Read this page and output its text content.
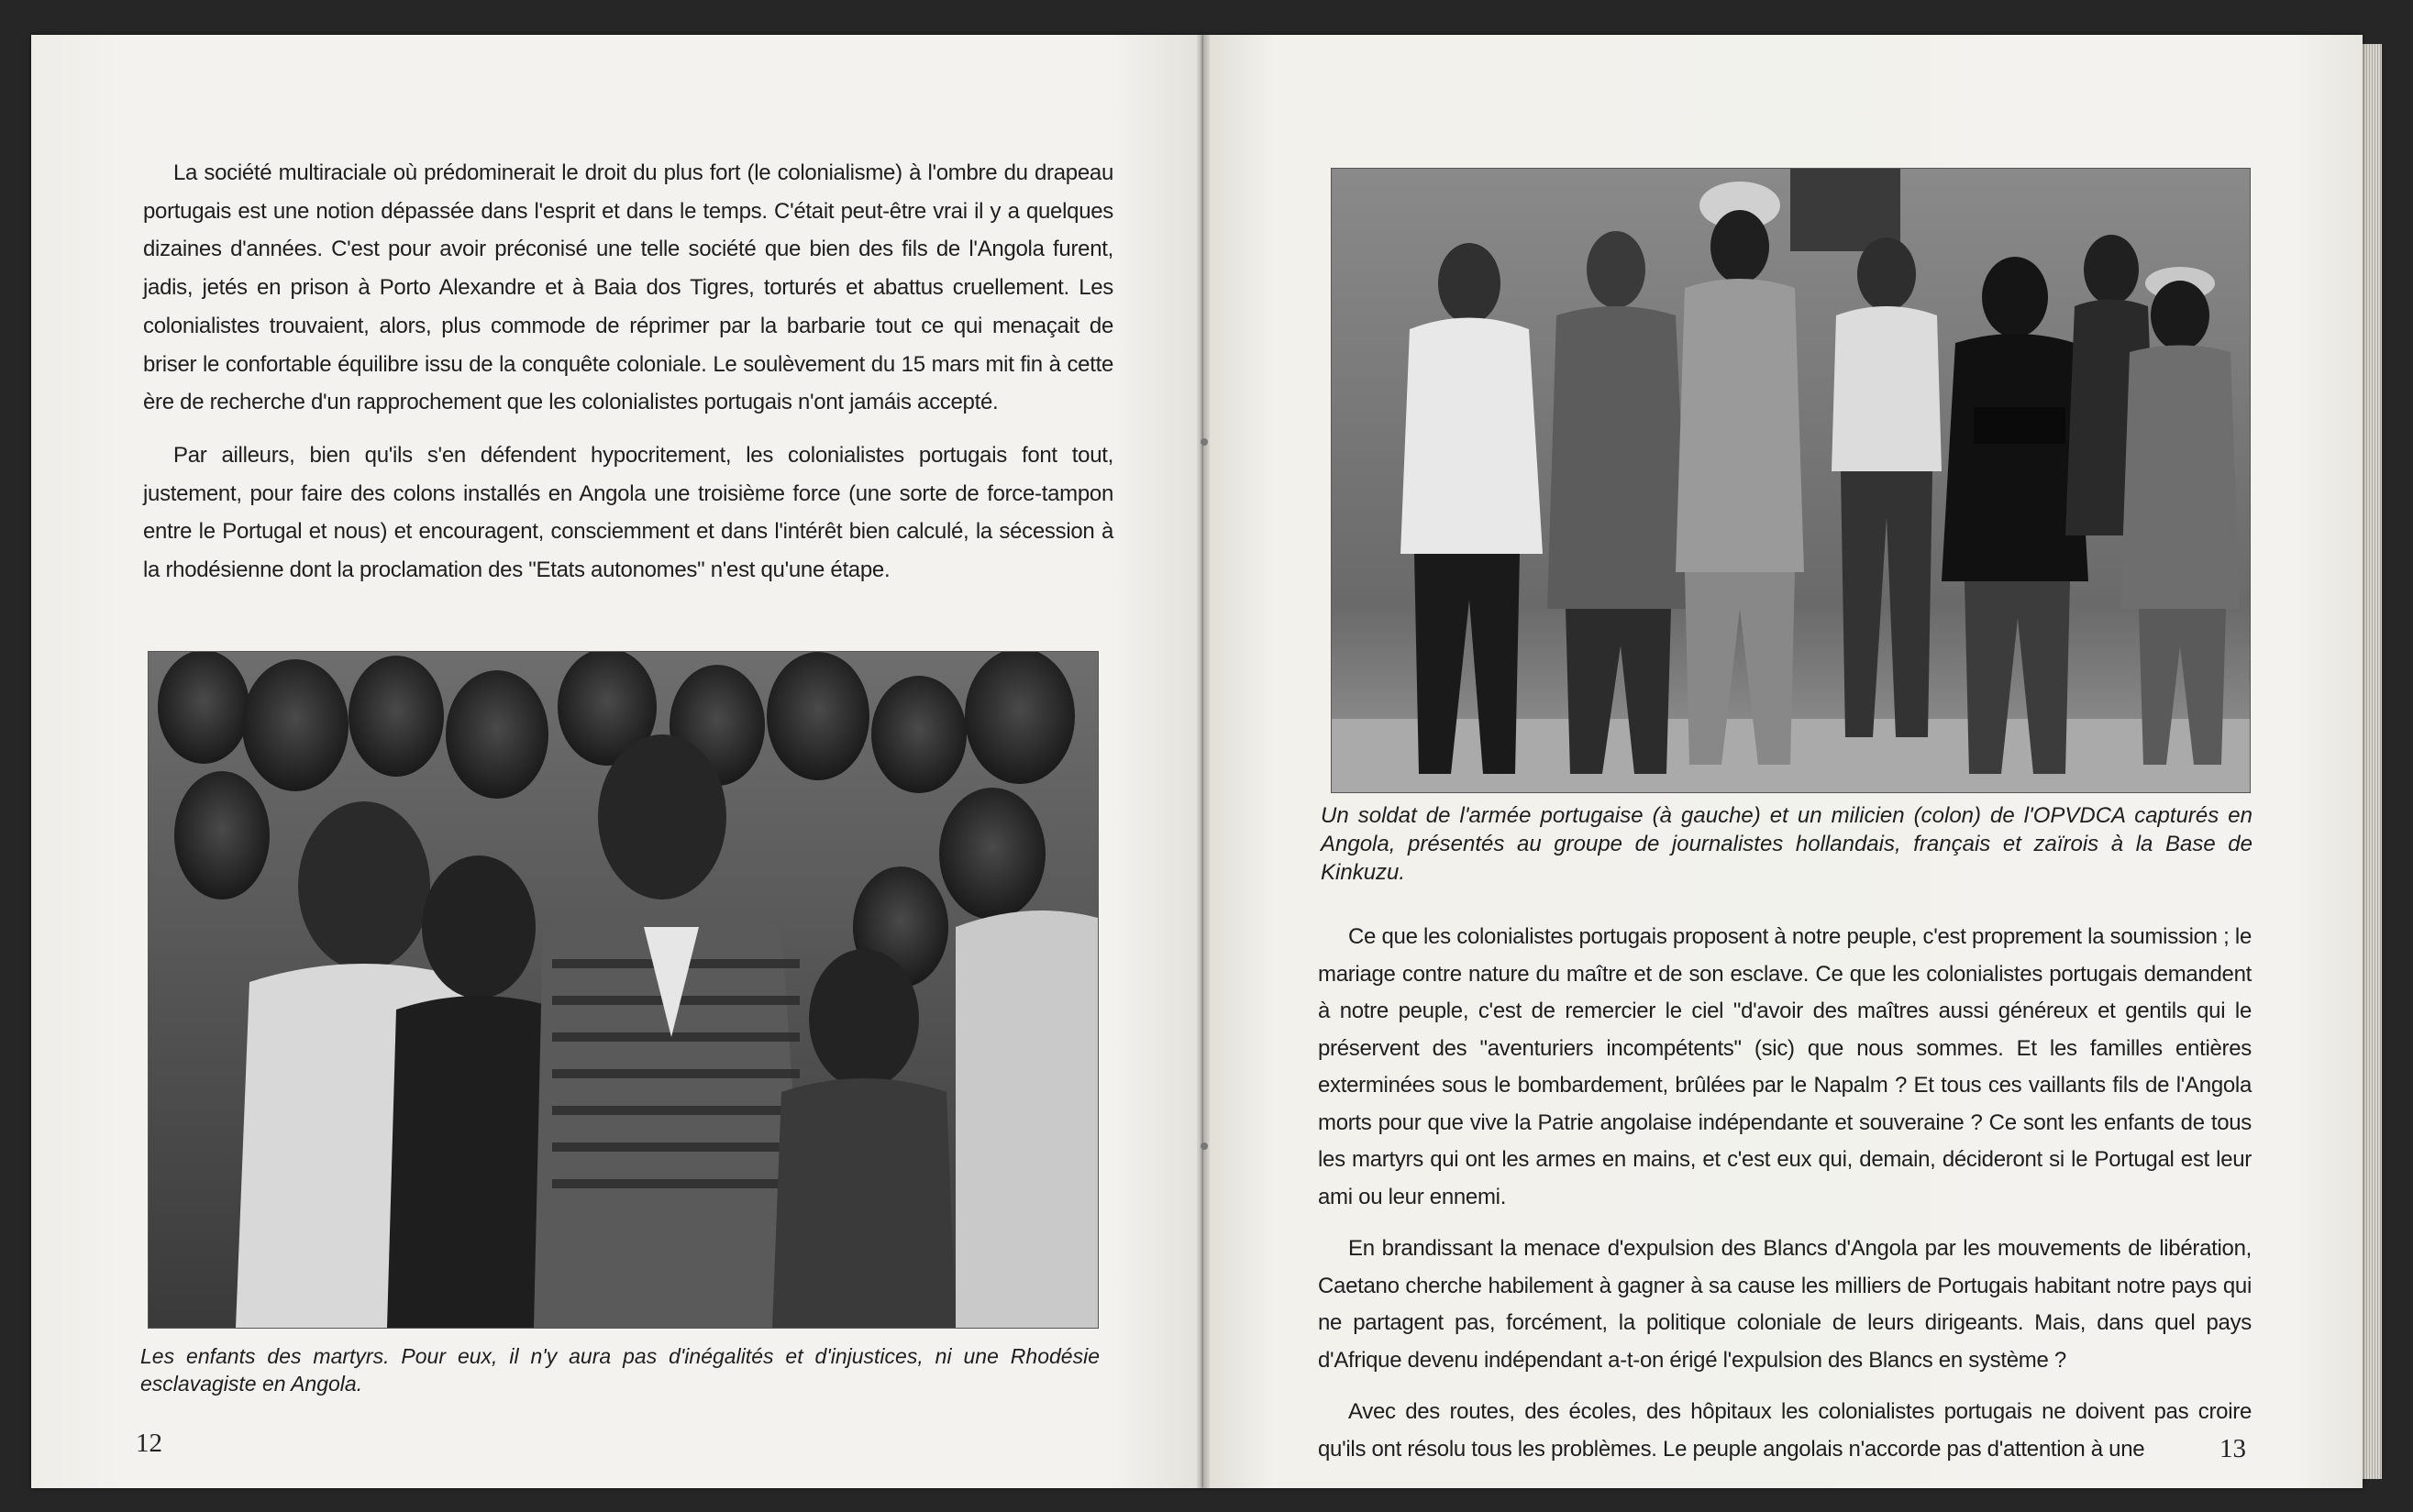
La société multiraciale où prédominerait le droit du plus fort (le colonialisme) à l'ombre du drapeau portugais est une notion dépassée dans l'esprit et dans le temps. C'était peut-être vrai il y a quelques dizaines d'années. C'est pour avoir préconisé une telle société que bien des fils de l'Angola furent, jadis, jetés en prison à Porto Alexandre et à Baia dos Tigres, torturés et abattus cruellement. Les colonialistes trouvaient, alors, plus commode de réprimer par la barbarie tout ce qui menaçait de briser le confortable équilibre issu de la conquête coloniale. Le soulèvement du 15 mars mit fin à cette ère de recherche d'un rapprochement que les colonialistes portugais n'ont jamáis accepté.

Par ailleurs, bien qu'ils s'en défendent hypocritement, les colonialistes portugais font tout, justement, pour faire des colons installés en Angola une troisième force (une sorte de force-tampon entre le Portugal et nous) et encouragent, consciemment et dans l'intérêt bien calculé, la sécession à la rhodésienne dont la proclamation des "Etats autonomes" n'est qu'une étape.

Les enfants des martyrs. Pour eux, il n'y aura pas d'inégalités et d'injustices, ni une Rhodésie esclavagiste en Angola.
12
Un soldat de l'armée portugaise (à gauche) et un milicien (colon) de l'OPVDCA capturés en Angola, présentés au groupe de journalistes hollandais, français et zaïrois à la Base de Kinkuzu.

Ce que les colonialistes portugais proposent à notre peuple, c'est proprement la soumission ; le mariage contre nature du maître et de son esclave. Ce que les colonialistes portugais demandent à notre peuple, c'est de remercier le ciel "d'avoir des maîtres aussi généreux et gentils qui le préservent des "aventuriers incompétents" (sic) que nous sommes. Et les familles entières exterminées sous le bombardement, brûlées par le Napalm ? Et tous ces vaillants fils de l'Angola morts pour que vive la Patrie angolaise indépendante et souveraine ? Ce sont les enfants de tous les martyrs qui ont les armes en mains, et c'est eux qui, demain, décideront si le Portugal est leur ami ou leur ennemi.

En brandissant la menace d'expulsion des Blancs d'Angola par les mouvements de libération, Caetano cherche habilement à gagner à sa cause les milliers de Portugais habitant notre pays qui ne partagent pas, forcément, la politique coloniale de leurs dirigeants. Mais, dans quel pays d'Afrique devenu indépendant a-t-on érigé l'expulsion des Blancs en système ?

Avec des routes, des écoles, des hôpitaux les colonialistes portugais ne doivent pas croire qu'ils ont résolu tous les problèmes. Le peuple angolais n'accorde pas d'attention à une	13
